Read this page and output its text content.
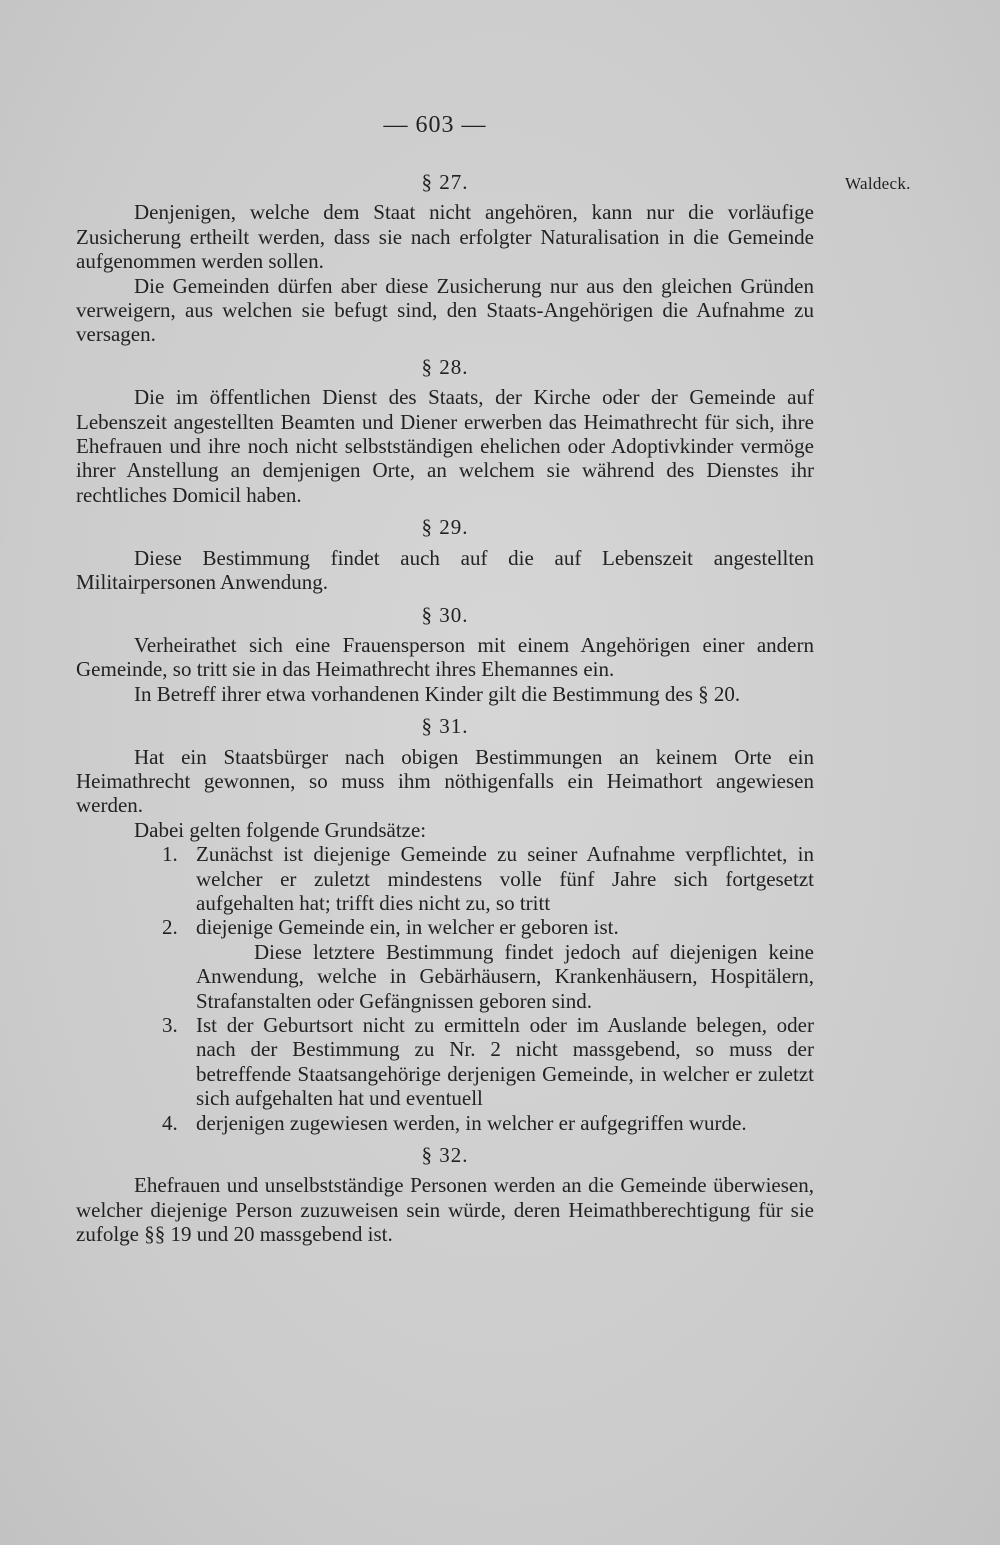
— 603 —
Waldeck.
§ 27.
Denjenigen, welche dem Staat nicht angehören, kann nur die vorläufige Zusicherung ertheilt werden, dass sie nach erfolgter Naturalisation in die Gemeinde aufgenommen werden sollen.
Die Gemeinden dürfen aber diese Zusicherung nur aus den gleichen Gründen verweigern, aus welchen sie befugt sind, den Staats-Angehörigen die Aufnahme zu versagen.
§ 28.
Die im öffentlichen Dienst des Staats, der Kirche oder der Gemeinde auf Lebenszeit angestellten Beamten und Diener erwerben das Heimathrecht für sich, ihre Ehefrauen und ihre noch nicht selbstständigen ehelichen oder Adoptivkinder vermöge ihrer Anstellung an demjenigen Orte, an welchem sie während des Dienstes ihr rechtliches Domicil haben.
§ 29.
Diese Bestimmung findet auch auf die auf Lebenszeit angestellten Militairpersonen Anwendung.
§ 30.
Verheirathet sich eine Frauensperson mit einem Angehörigen einer andern Gemeinde, so tritt sie in das Heimathrecht ihres Ehemannes ein.
In Betreff ihrer etwa vorhandenen Kinder gilt die Bestimmung des § 20.
§ 31.
Hat ein Staatsbürger nach obigen Bestimmungen an keinem Orte ein Heimathrecht gewonnen, so muss ihm nöthigenfalls ein Heimathort angewiesen werden.
Dabei gelten folgende Grundsätze:
1. Zunächst ist diejenige Gemeinde zu seiner Aufnahme verpflichtet, in welcher er zuletzt mindestens volle fünf Jahre sich fortgesetzt aufgehalten hat; trifft dies nicht zu, so tritt
2. diejenige Gemeinde ein, in welcher er geboren ist.
Diese letztere Bestimmung findet jedoch auf diejenigen keine Anwendung, welche in Gebärhäusern, Krankenhäusern, Hospitälern, Strafanstalten oder Gefängnissen geboren sind.
3. Ist der Geburtsort nicht zu ermitteln oder im Auslande belegen, oder nach der Bestimmung zu Nr. 2 nicht massgebend, so muss der betreffende Staatsangehörige derjenigen Gemeinde, in welcher er zuletzt sich aufgehalten hat und eventuell
4. derjenigen zugewiesen werden, in welcher er aufgegriffen wurde.
§ 32.
Ehefrauen und unselbstständige Personen werden an die Gemeinde überwiesen, welcher diejenige Person zuzuweisen sein würde, deren Heimathberechtigung für sie zufolge §§ 19 und 20 massgebend ist.
